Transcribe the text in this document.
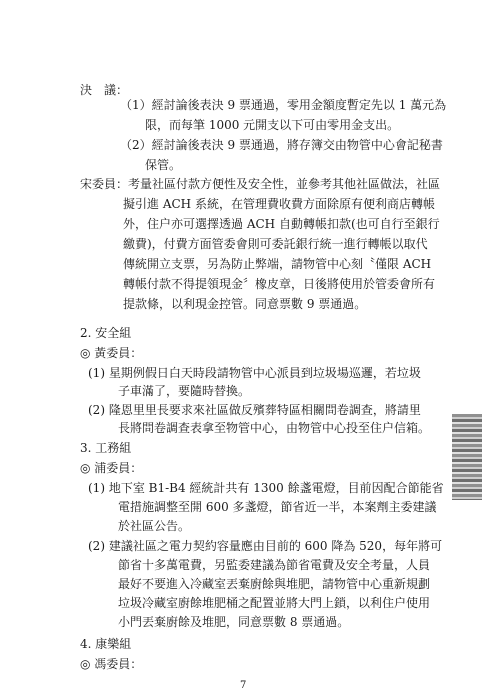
決　議：
（1）經討論後表決 9 票通過，零用金額度暫定先以 1 萬元為
限，而每筆 1000 元開支以下可由零用金支出。
（2）經討論後表決 9 票通過，將存簿交由物管中心會記秘書
保管。
宋委員：考量社區付款方便性及安全性，並參考其他社區做法，社區
擬引進 ACH 系統，在管理費收費方面除原有便利商店轉帳
外，住户亦可選擇透過 ACH 自動轉帳扣款(也可自行至銀行
繳費)，付費方面管委會則可委託銀行統一進行轉帳以取代
傳統開立支票，另為防止弊端，請物管中心刻〝僅限 ACH
轉帳付款不得提領現金〞橡皮章，日後將使用於管委會所有
提款條，以利現金控管。同意票數 9 票通過。
2. 安全組
◎ 黃委員：
(1) 星期例假日白天時段請物管中心派員到垃圾場巡邏，若垃圾
子車滿了，要隨時替換。
(2) 隆恩里里長要求來社區做反殯葬特區相關問卷調查，將請里
長將問卷調查表拿至物管中心，由物管中心投至住户信箱。
3. 工務組
◎ 浦委員：
(1) 地下室 B1-B4 經統計共有 1300 餘盞電燈，目前因配合節能省
電措施調整至開 600 多盞燈，節省近一半，本案劑主委建議
於社區公告。
(2) 建議社區之電力契約容量應由目前的 600 降為 520，每年將可
節省十多萬電費，另監委建議為節省電費及安全考量，人員
最好不要進入冷藏室丟棄廚餘與堆肥，請物管中心重新規劃
垃圾冷藏室廚餘堆肥桶之配置並將大門上鎖，以利住户使用
小門丟棄廚餘及堆肥，同意票數 8 票通過。
4. 康樂組
◎ 馮委員：
7
